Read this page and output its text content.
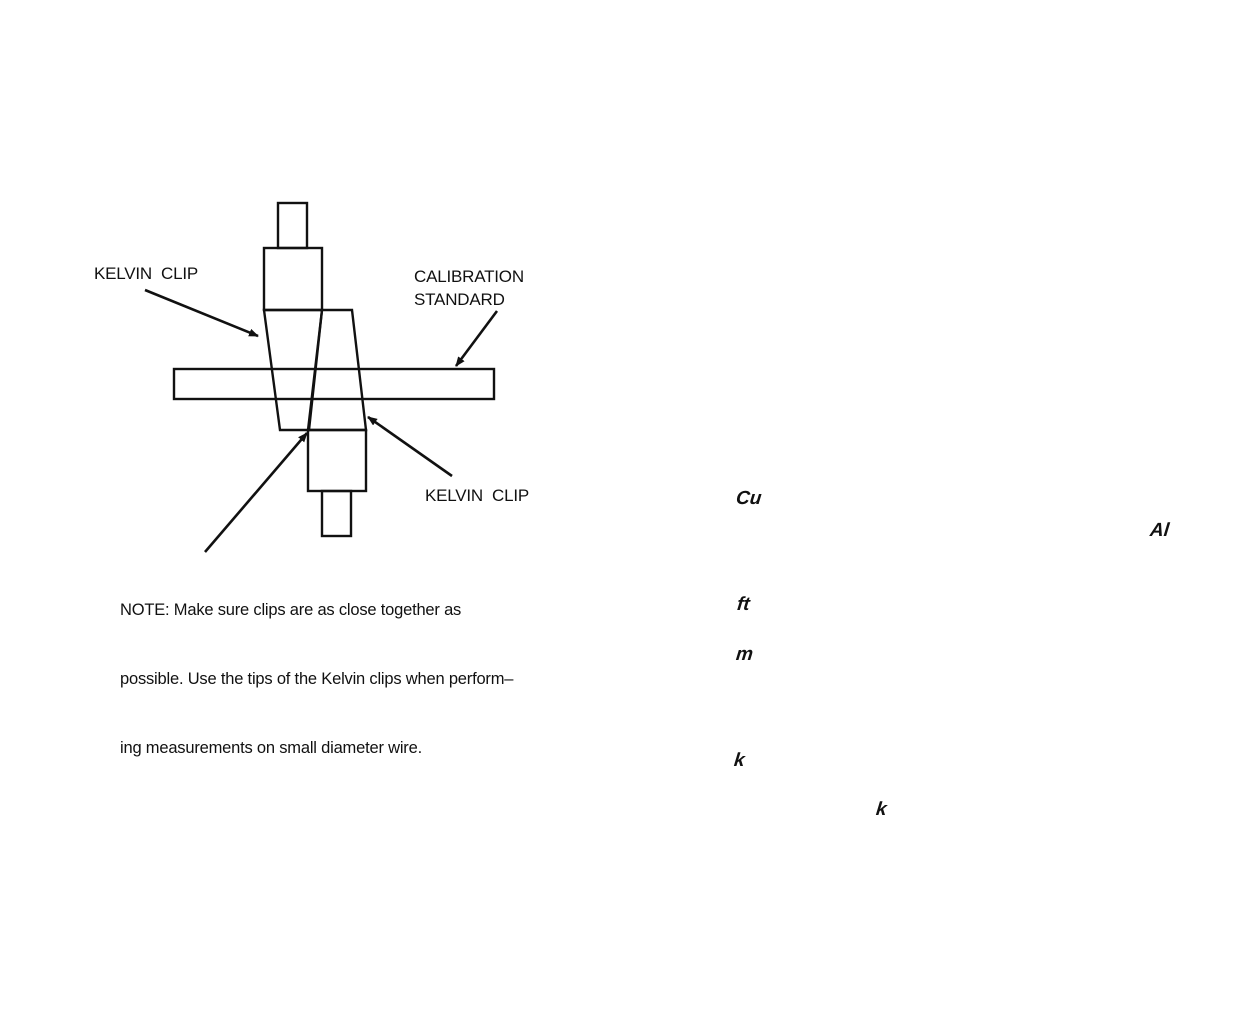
KELVIN  CLIP	CALIBRATION
STANDARD
KELVIN  CLIP

NOTE: Make sure clips are as close together as

possible. Use the tips of the Kelvin clips when perform–

ing measurements on small diameter wire.

Cu
Al
ft
m
k
k
